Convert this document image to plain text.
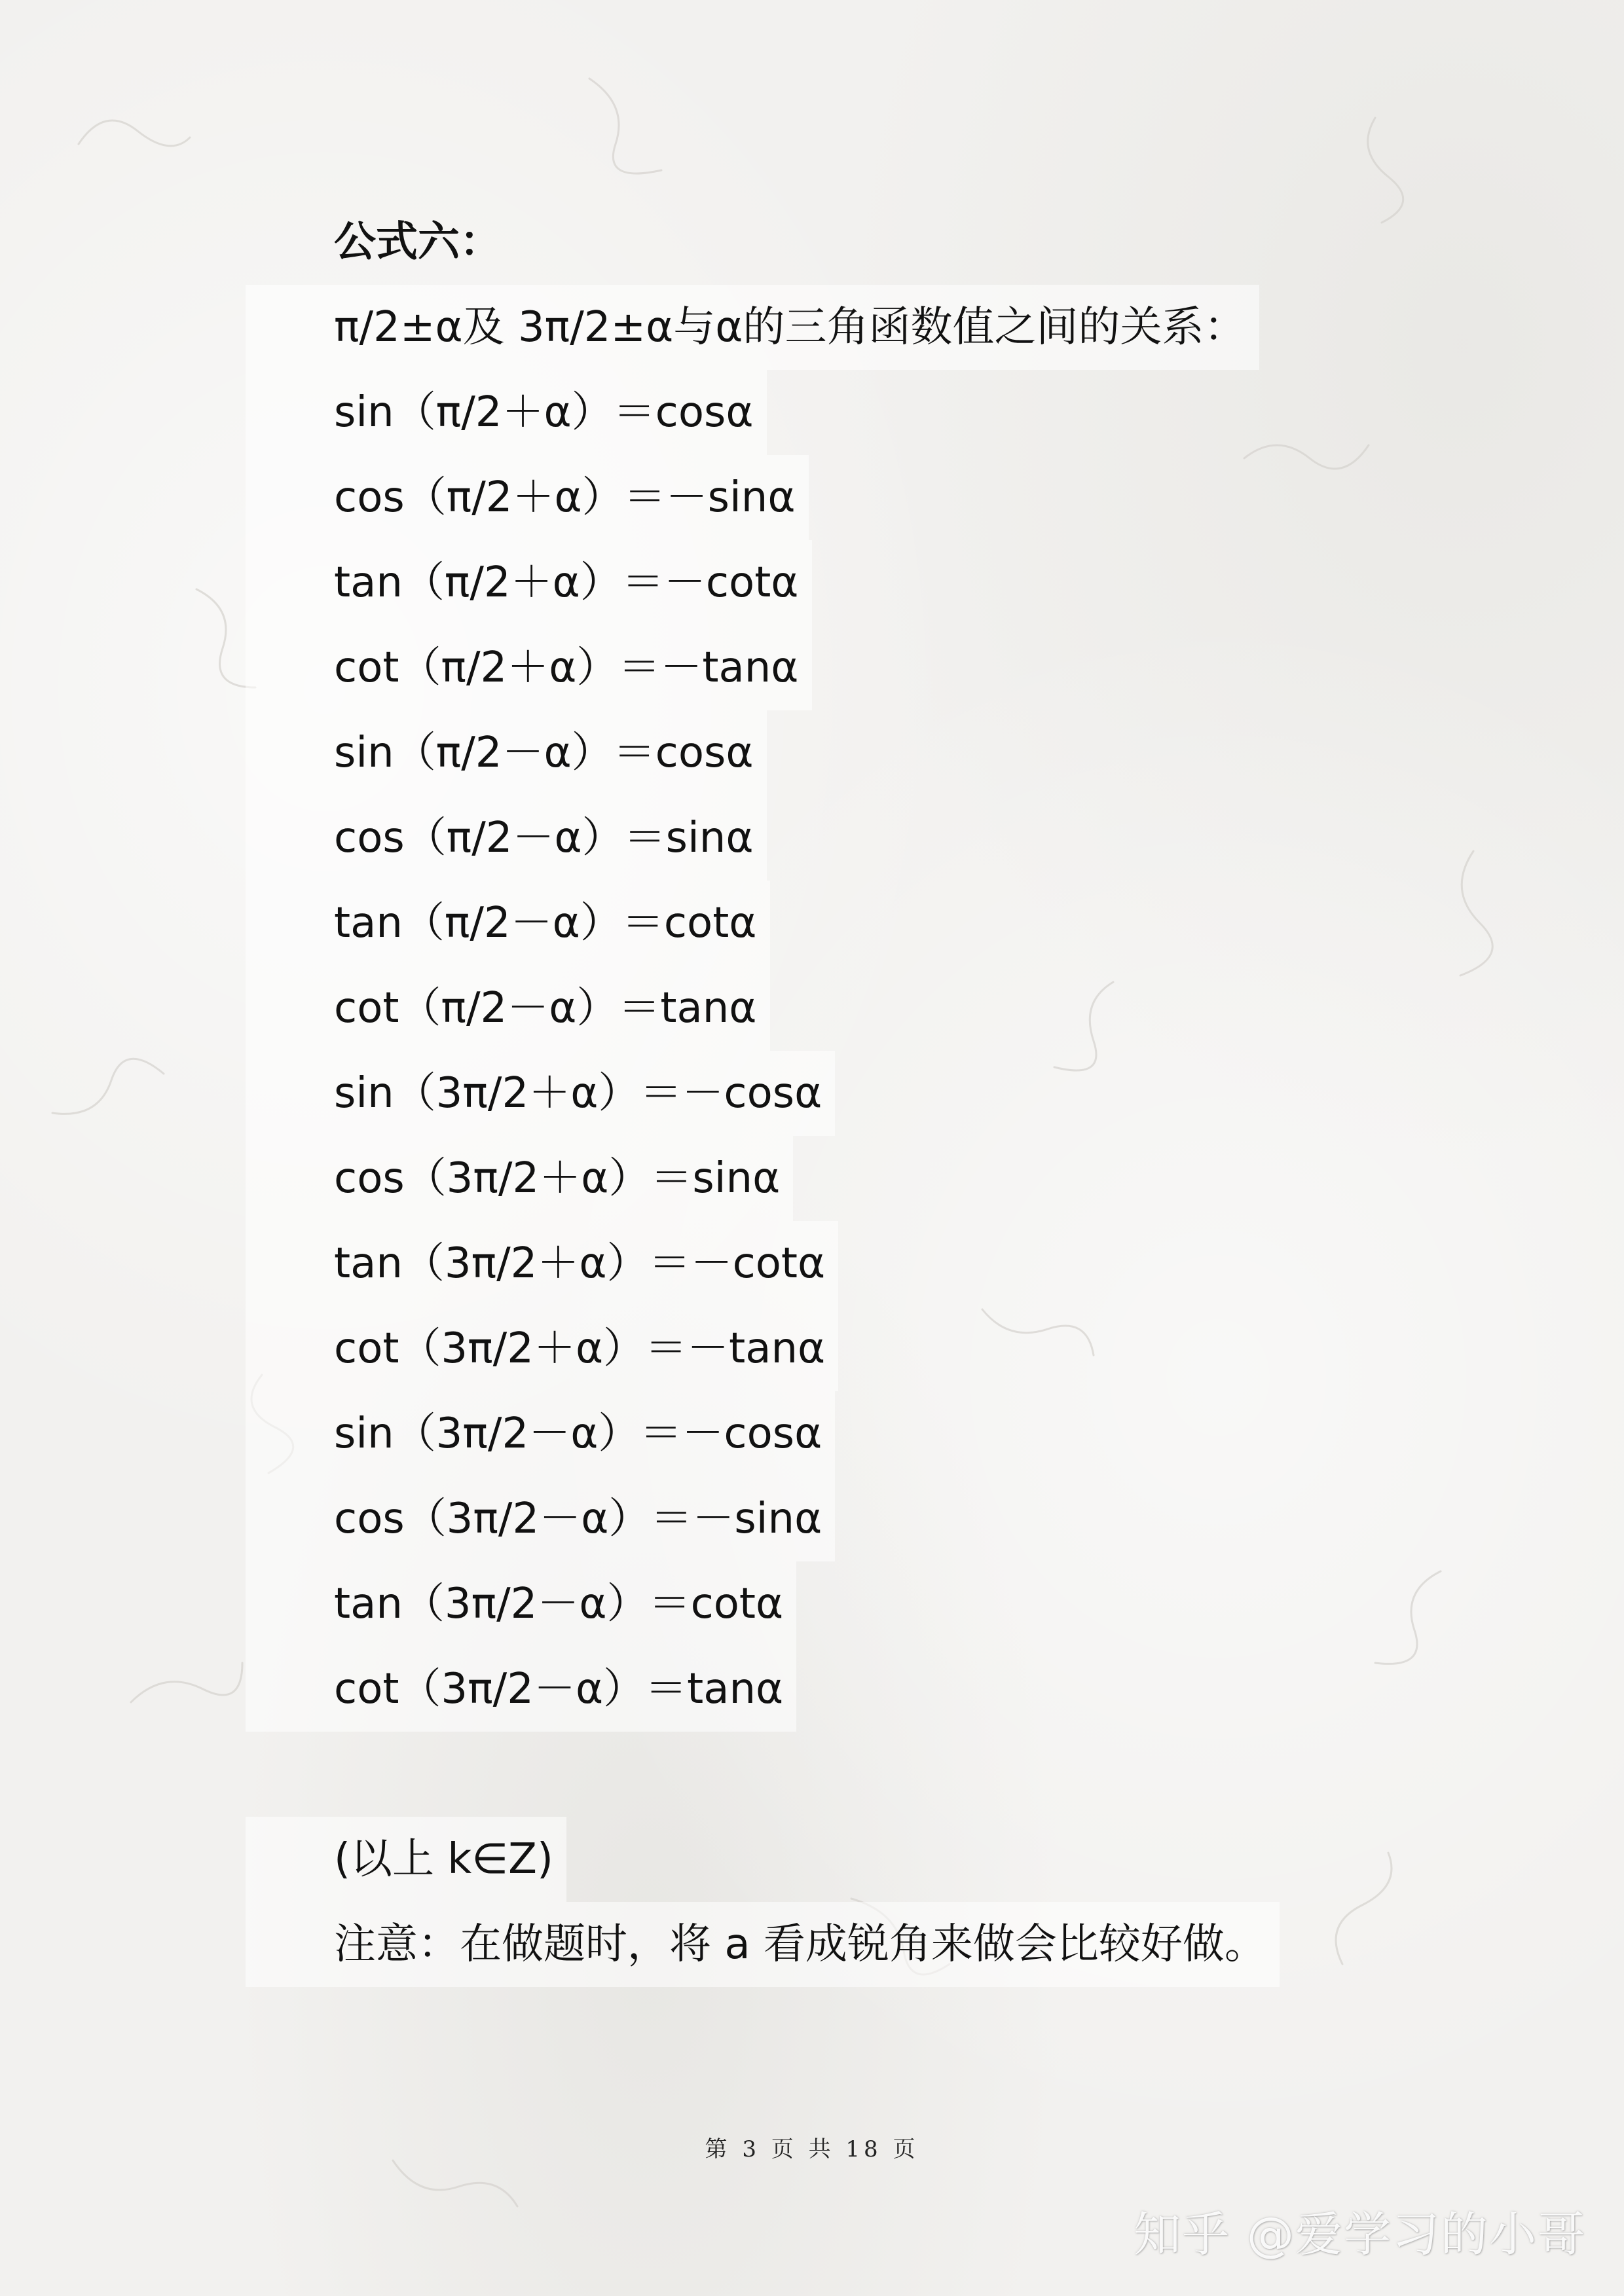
公式六：
π/2±α及 3π/2±α与α的三角函数值之间的关系：
sin（π/2＋α）＝cosα
cos（π/2＋α）＝－sinα
tan（π/2＋α）＝－cotα
cot（π/2＋α）＝－tanα
sin（π/2－α）＝cosα
cos（π/2－α）＝sinα
tan（π/2－α）＝cotα
cot（π/2－α）＝tanα
sin（3π/2＋α）＝－cosα
cos（3π/2＋α）＝sinα
tan（3π/2＋α）＝－cotα
cot（3π/2＋α）＝－tanα
sin（3π/2－α）＝－cosα
cos（3π/2－α）＝－sinα
tan（3π/2－α）＝cotα
cot（3π/2－α）＝tanα
(以上 k∈Z)
注意：在做题时，将 a 看成锐角来做会比较好做。
第 3 页 共 18 页
知乎 @爱学习的小哥
